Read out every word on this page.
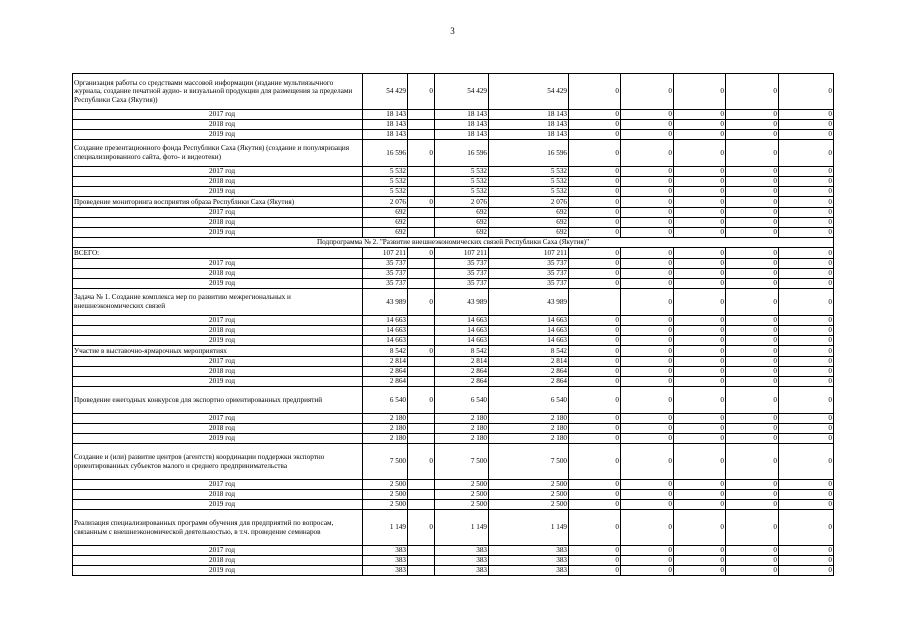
3
Организация работы со средствами массовой информации (издание мультиязычного журнала, создание печатной аудио- и визуальной продукции для размещения за пределами Республики Саха (Якутия))	54 429	0	54 429	54 429	0	0	0	0	0
2017 год	18 143		18 143	18 143	0	0	0	0	0
2018 год	18 143		18 143	18 143	0	0	0	0	0
2019 год	18 143		18 143	18 143	0	0	0	0	0
Создание презентационного фонда Республики Саха (Якутия) (создание и популяризация специализированного сайта, фото- и видеотеки)	16 596	0	16 596	16 596	0	0	0	0	0
2017 год	5 532		5 532	5 532	0	0	0	0	0
2018 год	5 532		5 532	5 532	0	0	0	0	0
2019 год	5 532		5 532	5 532	0	0	0	0	0
Проведение мониторинга восприятия образа Республики Саха (Якутия)	2 076	0	2 076	2 076	0	0	0	0	0
2017 год	692		692	692	0	0	0	0	0
2018 год	692		692	692	0	0	0	0	0
2019 год	692		692	692	0	0	0	0	0
Подпрограмма № 2. "Развитие внешнеэкономических связей Республики Саха (Якутия)"									
ВСЕГО:	107 211	0	107 211	107 211	0	0	0	0	0
2017 год	35 737		35 737	35 737	0	0	0	0	0
2018 год	35 737		35 737	35 737	0	0	0	0	0
2019 год	35 737		35 737	35 737	0	0	0	0	0
Задача № 1. Создание комплекса мер по развитию межрегиональных и внешнеэкономических связей	43 989	0	43 989	43 989		0	0	0	0
2017 год	14 663		14 663	14 663	0	0	0	0	0
2018 год	14 663		14 663	14 663	0	0	0	0	0
2019 год	14 663		14 663	14 663	0	0	0	0	0
Участие в выставочно-ярмарочных мероприятиях	8 542	0	8 542	8 542	0	0	0	0	0
2017 год	2 814		2 814	2 814	0	0	0	0	0
2018 год	2 864		2 864	2 864	0	0	0	0	0
2019 год	2 864		2 864	2 864	0	0	0	0	0
Проведение ежегодных конкурсов для экспортно ориентированных предприятий	6 540	0	6 540	6 540	0	0	0	0	0
2017 год	2 180		2 180	2 180	0	0	0	0	0
2018 год	2 180		2 180	2 180	0	0	0	0	0
2019 год	2 180		2 180	2 180	0	0	0	0	0
Создание и (или) развитие центров (агентств) координации поддержки экспортно ориентированных субъектов малого и среднего предпринимательства	7 500	0	7 500	7 500	0	0	0	0	0
2017 год	2 500		2 500	2 500	0	0	0	0	0
2018 год	2 500		2 500	2 500	0	0	0	0	0
2019 год	2 500		2 500	2 500	0	0	0	0	0
Реализация специализированных программ обучения для предприятий по вопросам, связанным с внешнеэкономической деятельностью, в т.ч. проведение семинаров	1 149	0	1 149	1 149	0	0	0	0	0
2017 год	383		383	383	0	0	0	0	0
2018 год	383		383	383	0	0	0	0	0
2019 год	383		383	383	0	0	0	0	0
